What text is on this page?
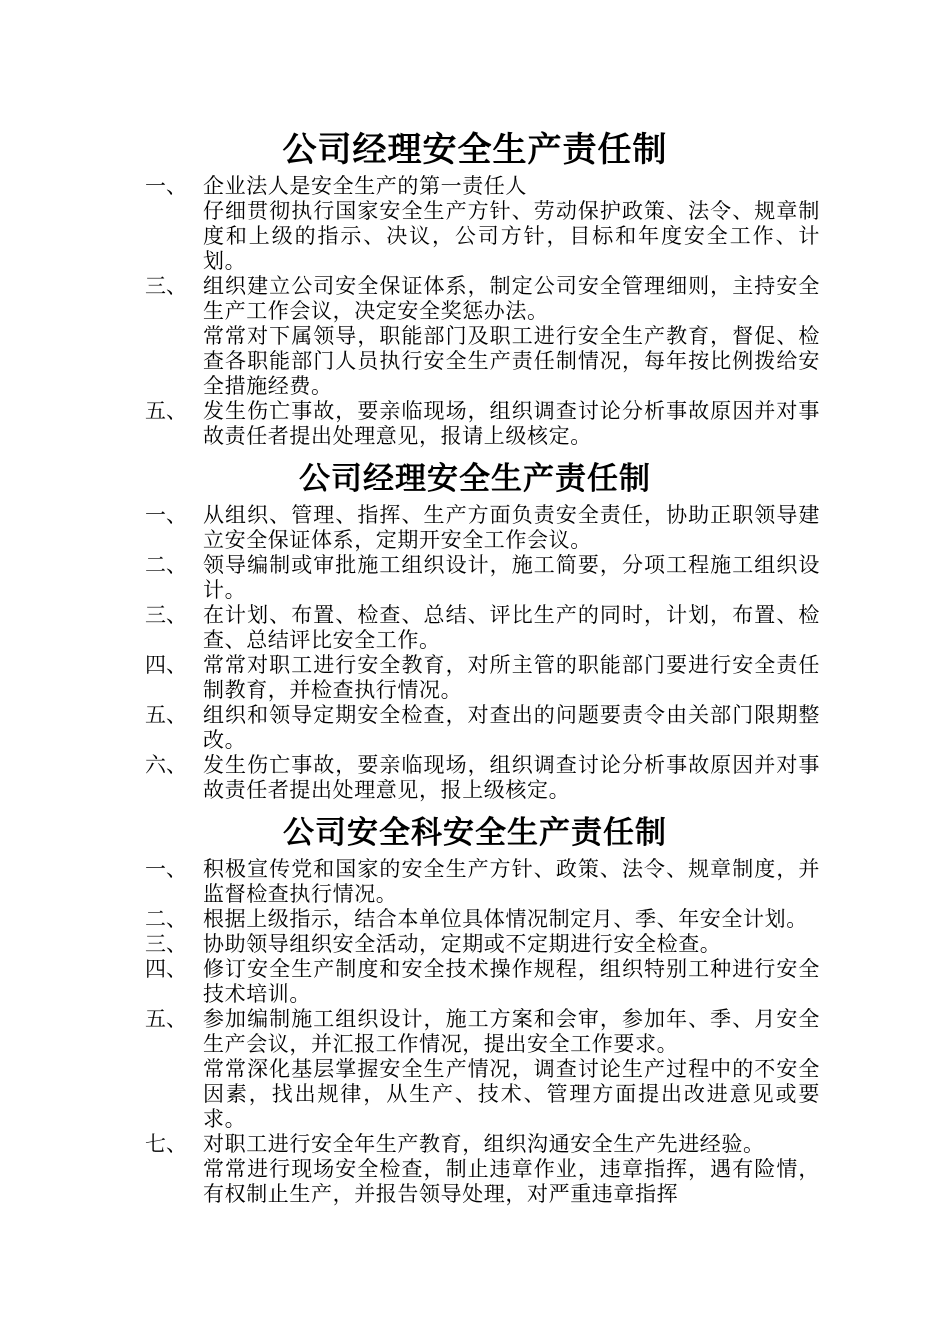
公司经理安全生产责任制
一、 企业法人是安全生产的第一责任人
仔细贯彻执行国家安全生产方针、劳动保护政策、法令、规章制度和上级的指示、决议，公司方针，目标和年度安全工作、计划。
三、 组织建立公司安全保证体系，制定公司安全管理细则，主持安全生产工作会议，决定安全奖惩办法。
常常对下属领导，职能部门及职工进行安全生产教育，督促、检查各职能部门人员执行安全生产责任制情况，每年按比例拨给安全措施经费。
五、 发生伤亡事故，要亲临现场，组织调查讨论分析事故原因并对事故责任者提出处理意见，报请上级核定。
公司经理安全生产责任制
一、 从组织、管理、指挥、生产方面负责安全责任，协助正职领导建立安全保证体系，定期开安全工作会议。
二、 领导编制或审批施工组织设计，施工简要，分项工程施工组织设计。
三、 在计划、布置、检查、总结、评比生产的同时，计划，布置、检查、总结评比安全工作。
四、 常常对职工进行安全教育，对所主管的职能部门要进行安全责任制教育，并检查执行情况。
五、 组织和领导定期安全检查，对查出的问题要责令由关部门限期整改。
六、 发生伤亡事故，要亲临现场，组织调查讨论分析事故原因并对事故责任者提出处理意见，报上级核定。
公司安全科安全生产责任制
一、 积极宣传党和国家的安全生产方针、政策、法令、规章制度，并监督检查执行情况。
二、 根据上级指示，结合本单位具体情况制定月、季、年安全计划。
三、 协助领导组织安全活动，定期或不定期进行安全检查。
四、 修订安全生产制度和安全技术操作规程，组织特别工种进行安全技术培训。
五、 参加编制施工组织设计，施工方案和会审，参加年、季、月安全生产会议，并汇报工作情况，提出安全工作要求。
常常深化基层掌握安全生产情况，调查讨论生产过程中的不安全因素，找出规律，从生产、技术、管理方面提出改进意见或要求。
七、 对职工进行安全年生产教育，组织沟通安全生产先进经验。
常常进行现场安全检查，制止违章作业，违章指挥，遇有险情，有权制止生产，并报告领导处理，对严重违章指挥
